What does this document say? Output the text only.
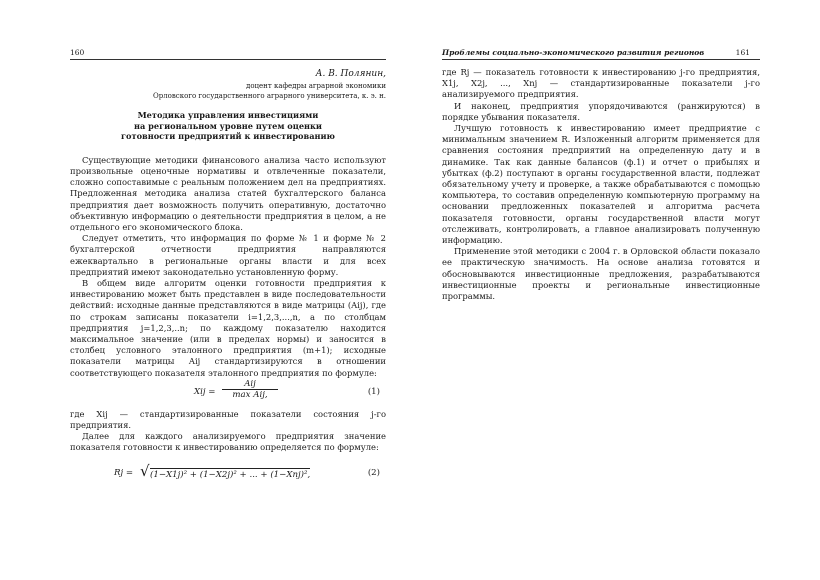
160
А. В. Полянин,
доцент кафедры аграрной экономики
Орловского государственного аграрного университета, к. э. н.
Методика управления инвестициями
на региональном уровне путем оценки
готовности предприятий к инвестированию

Существующие методики финансового анализа часто используют произвольные оценочные нормативы и отвлеченные показатели, сложно сопоставимые с реальным положением дел на предприятиях. Предложенная методика анализа статей бухгалтерского баланса предприятия дает возможность получить оперативную, достаточно объективную информацию о деятельности предприятия в целом, а не отдельного его экономического блока.

Следует отметить, что информация по форме № 1 и форме № 2 бухгалтерской отчетности предприятия направляются ежеквартально в региональные органы власти и для всех предприятий имеют законодательно установленную форму.

В общем виде алгоритм оценки готовности предприятия к инвестированию может быть представлен в виде последовательности действий: исходные данные представляются в виде матрицы (Aij), где по строкам записаны показатели i=1,2,3,...,n, а по столбцам предприятия j=1,2,3,..n; по каждому показателю находится максимальное значение (или в пределах нормы) и заносится в столбец условного эталонного предприятия (m+1); исходные показатели матрицы Aij стандартизируются в отношении соответствующего показателя эталонного предприятия по формуле:

Xij =
Aij
max Aij,	(1)

где Xij — стандартизированные показатели состояния j-го предприятия.

Далее для каждого анализируемого предприятия значение показателя готовности к инвестированию определяется по формуле:

Rj = √ (1−X1j)² + (1−X2j)² + ... + (1−Xnj)²,	(2)
Проблемы социально-экономического развития регионов	161

где Rj — показатель готовности к инвестированию j-го предприятия, X1j, X2j, ..., Xnj — стандартизированные показатели j-го анализируемого предприятия.

И наконец, предприятия упорядочиваются (ранжируются) в порядке убывания показателя.

Лучшую готовность к инвестированию имеет предприятие с минимальным значением R. Изложенный алгоритм применяется для сравнения состояния предприятий на определенную дату и в динамике. Так как данные балансов (ф.1) и отчет о прибылях и убытках (ф.2) поступают в органы государственной власти, подлежат обязательному учету и проверке, а также обрабатываются с помощью компьютера, то составив определенную компьютерную программу на основании предложенных показателей и алгоритма расчета показателя готовности, органы государственной власти могут отслеживать, контролировать, а главное анализировать полученную информацию.

Применение этой методики с 2004 г. в Орловской области показало ее практическую значимость. На основе анализа готовятся и обосновываются инвестиционные предложения, разрабатываются инвестиционные проекты и региональные инвестиционные программы.
